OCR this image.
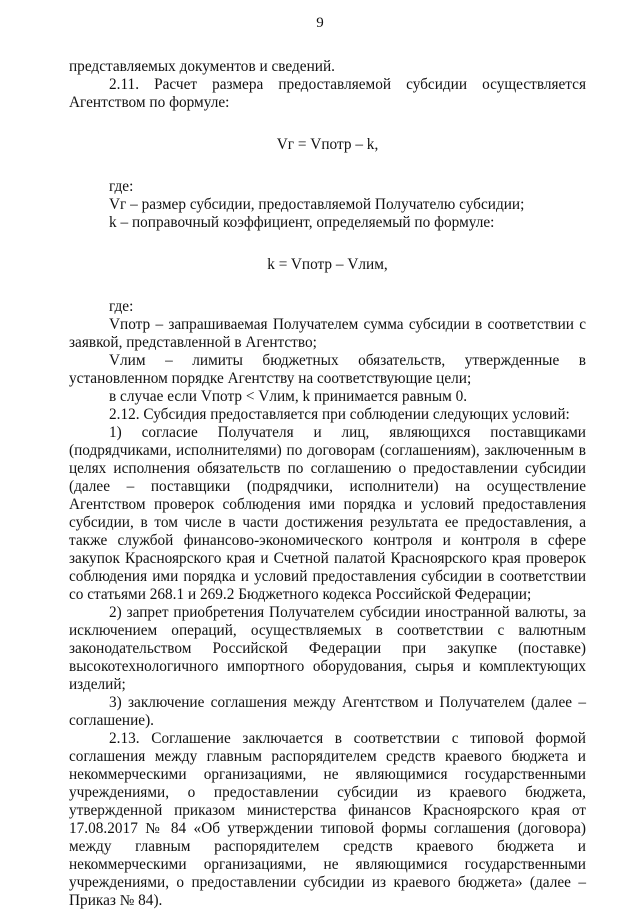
9

представляемых документов и сведений.

2.11. Расчет размера предоставляемой субсидии осуществляется Агентством по формуле:

Vг = Vпотр – k,

где:

Vг – размер субсидии, предоставляемой Получателю субсидии;

k – поправочный коэффициент, определяемый по формуле:

k = Vпотр – Vлим,

где:

Vпотр – запрашиваемая Получателем сумма субсидии в соответствии с заявкой, представленной в Агентство;

Vлим – лимиты бюджетных обязательств, утвержденные в установленном порядке Агентству на соответствующие цели;

в случае если Vпотр < Vлим, k принимается равным 0.

2.12. Субсидия предоставляется при соблюдении следующих условий:

1) согласие Получателя и лиц, являющихся поставщиками (подрядчиками, исполнителями) по договорам (соглашениям), заключенным в целях исполнения обязательств по соглашению о предоставлении субсидии (далее – поставщики (подрядчики, исполнители) на осуществление Агентством проверок соблюдения ими порядка и условий предоставления субсидии, в том числе в части достижения результата ее предоставления, а также службой финансово-экономического контроля и контроля в сфере закупок Красноярского края и Счетной палатой Красноярского края проверок соблюдения ими порядка и условий предоставления субсидии в соответствии со статьями 268.1 и 269.2 Бюджетного кодекса Российской Федерации;

2) запрет приобретения Получателем субсидии иностранной валюты, за исключением операций, осуществляемых в соответствии с валютным законодательством Российской Федерации при закупке (поставке) высокотехнологичного импортного оборудования, сырья и комплектующих изделий;

3) заключение соглашения между Агентством и Получателем (далее – соглашение).

2.13. Соглашение заключается в соответствии с типовой формой соглашения между главным распорядителем средств краевого бюджета и некоммерческими организациями, не являющимися государственными учреждениями, о предоставлении субсидии из краевого бюджета, утвержденной приказом министерства финансов Красноярского края от 17.08.2017 № 84 «Об утверждении типовой формы соглашения (договора) между главным распорядителем средств краевого бюджета и некоммерческими организациями, не являющимися государственными учреждениями, о предоставлении субсидии из краевого бюджета» (далее – Приказ № 84).
